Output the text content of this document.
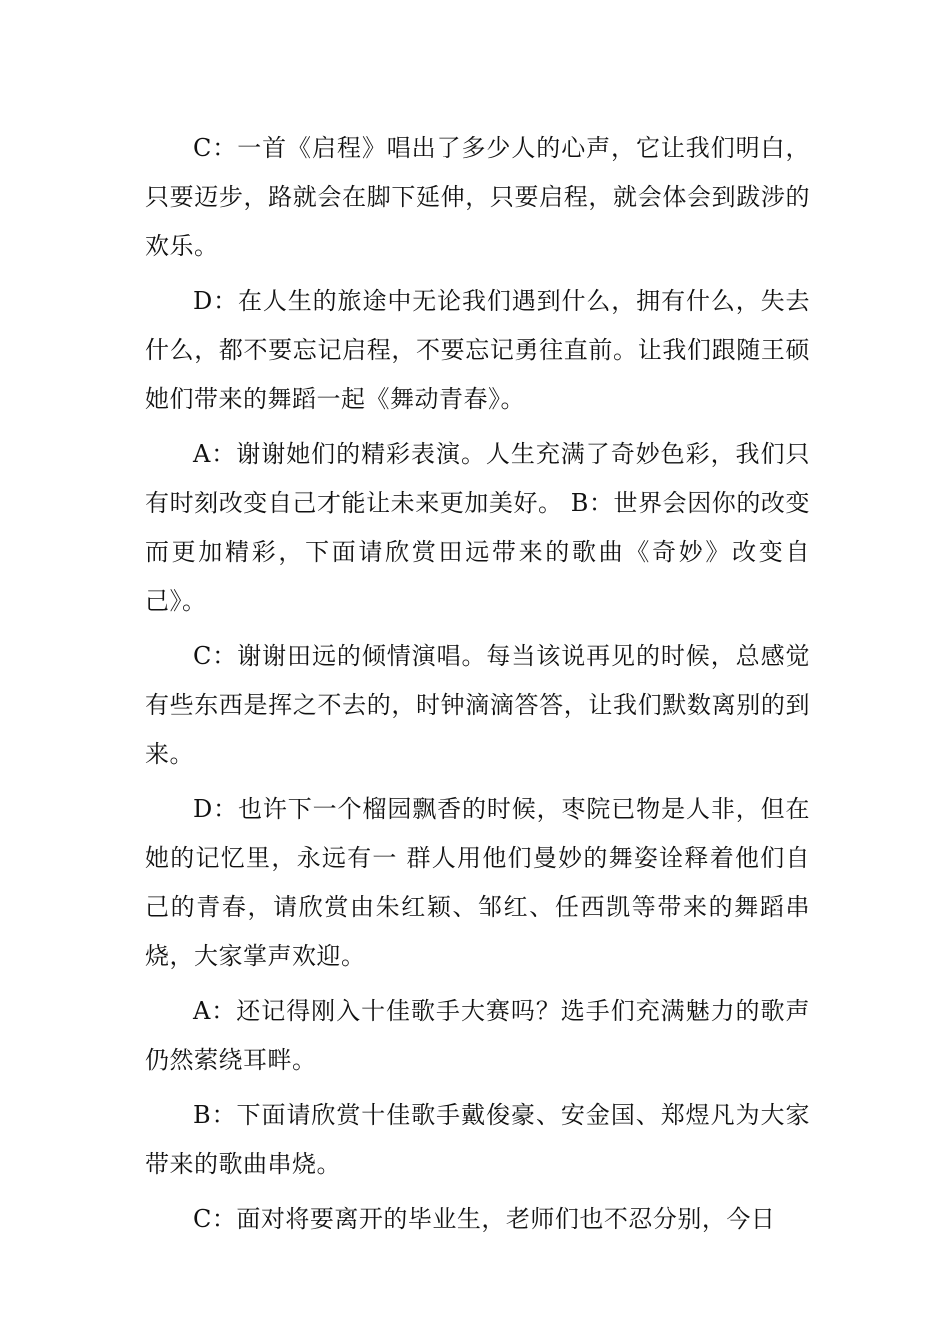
C：一首《启程》唱出了多少人的心声，它让我们明白，只要迈步，路就会在脚下延伸，只要启程，就会体会到跋涉的欢乐。

D：在人生的旅途中无论我们遇到什么，拥有什么，失去什么，都不要忘记启程，不要忘记勇往直前。让我们跟随王硕她们带来的舞蹈一起《舞动青春》。

A：谢谢她们的精彩表演。人生充满了奇妙色彩，我们只有时刻改变自己才能让未来更加美好。 B：世界会因你的改变而更加精彩，下面请欣赏田远带来的歌曲《奇妙》改变自己》。

C：谢谢田远的倾情演唱。每当该说再见的时候，总感觉有些东西是挥之不去的，时钟滴滴答答，让我们默数离别的到来。

D：也许下一个榴园飘香的时候，枣院已物是人非，但在她的记忆里，永远有一 群人用他们曼妙的舞姿诠释着他们自己的青春，请欣赏由朱红颖、邹红、任西凯等带来的舞蹈串烧，大家掌声欢迎。

A：还记得刚入十佳歌手大赛吗？选手们充满魅力的歌声仍然萦绕耳畔。

B：下面请欣赏十佳歌手戴俊豪、安金国、郑煜凡为大家带来的歌曲串烧。

C：面对将要离开的毕业生，老师们也不忍分别，今日
